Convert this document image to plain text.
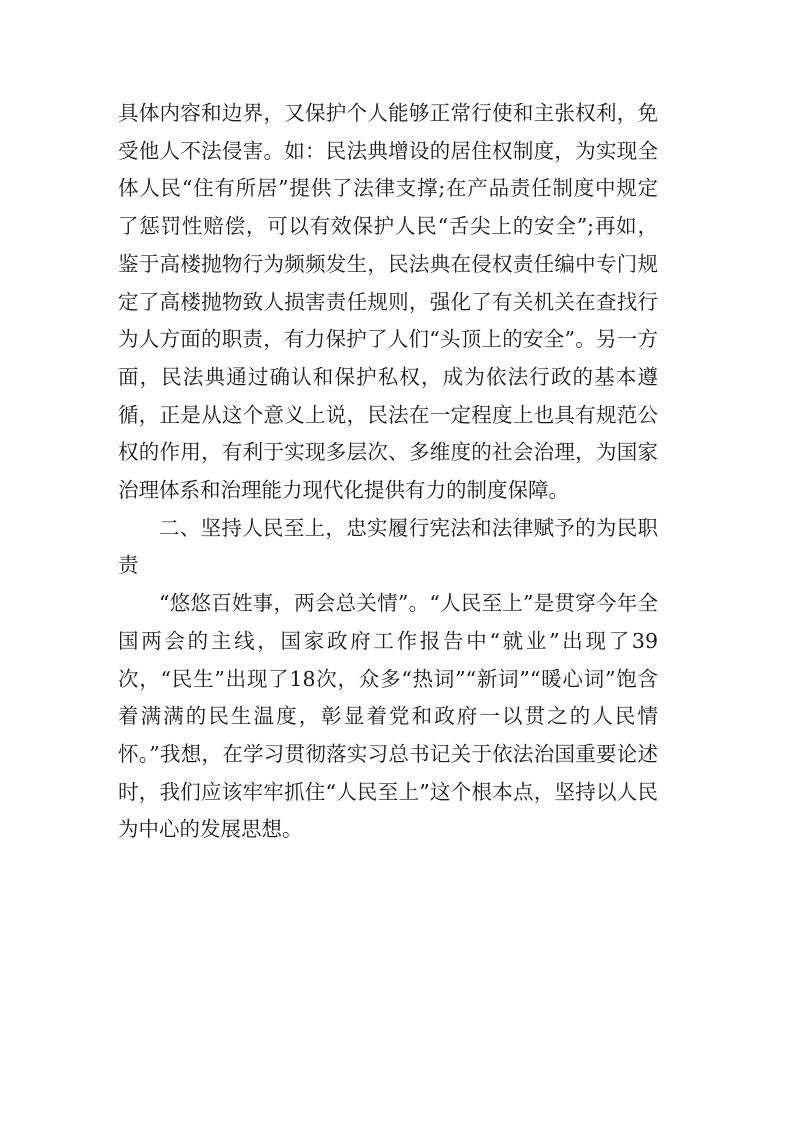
具体内容和边界，又保护个人能够正常行使和主张权利，免受他人不法侵害。如：民法典增设的居住权制度，为实现全体人民“住有所居”提供了法律支撑;在产品责任制度中规定了惩罚性赔偿，可以有效保护人民“舌尖上的安全”;再如，鉴于高楼抛物行为频频发生，民法典在侵权责任编中专门规定了高楼抛物致人损害责任规则，强化了有关机关在查找行为人方面的职责，有力保护了人们“头顶上的安全”。另一方面，民法典通过确认和保护私权，成为依法行政的基本遵循，正是从这个意义上说，民法在一定程度上也具有规范公权的作用，有利于实现多层次、多维度的社会治理，为国家治理体系和治理能力现代化提供有力的制度保障。

二、坚持人民至上，忠实履行宪法和法律赋予的为民职责

“悠悠百姓事，两会总关情”。“人民至上”是贯穿今年全国两会的主线，国家政府工作报告中“就业”出现了39次，“民生”出现了18次，众多“热词”“新词”“暖心词”饱含着满满的民生温度，彰显着党和政府一以贯之的人民情怀。”我想，在学习贯彻落实习总书记关于依法治国重要论述时，我们应该牢牢抓住“人民至上”这个根本点，坚持以人民为中心的发展思想。
